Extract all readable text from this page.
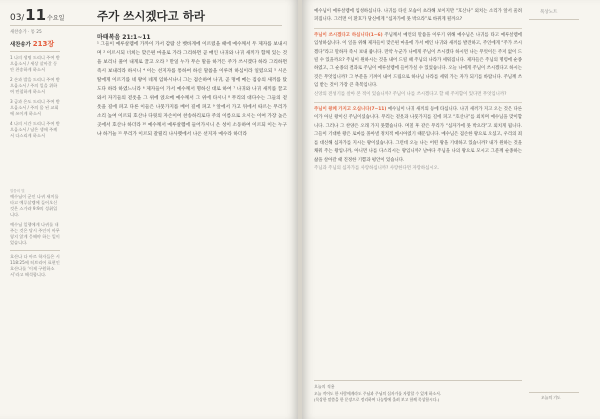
03/11수요일
새찬송가 · 통 25
새찬송가 213장

1 나의 생명 드리니 주여 받으옵소서 / 세상 살아갈 동안 찬송하게 하소서

2 손과 발을 드리니 주여 받으옵소서 / 주의 일을 위하여 민첩하게 하소서

3 금과 은도 드리니 주여 받으옵소서 / 주의 몸 된 교회에 쓰이게 하소서

4 나의 시간 드리니 주여 받으옵소서 / 남은 생애 주께서 다스리게 하소서

말씀의 빛

예수님이 군인 나귀 새끼를 타고 예루살렘에 들어오신 것은 스가랴 9:9의 성취입니다.

예수님 일행에게 나귀를 내주는 것은 당시 주인이 아무렇지 않게 응해야 하는 일이었습니다.

호산나 다 아르 학자들은 시 118:25에 히브리어 표현인 호산나를 ‘이제 구원하소서’라고 해석합니다.

주가 쓰시겠다고 하라
마태복음 21:1~11
¹ 그들이 예루살렘에 가까이 가서 감람 산 벳바게에 이르렀을 때에 예수께서 두 제자를 보내시며 ² 이르시되 너희는 맞은편 마을로 가라 그리하면 곧 매인 나귀와 나귀 새끼가 함께 있는 것을 보리니 풀어 내게로 끌고 오라 ³ 만일 누가 무슨 말을 하거든 주가 쓰시겠다 하라 그리하면 즉시 보내리라 하시니 ⁴ 이는 선지자를 통하여 하신 말씀을 이루려 하심이라 일렀으되 ⁵ 시온 딸에게 이르기를 네 왕이 네게 임하시나니 그는 겸손하여 나귀, 곧 멍에 메는 짐승의 새끼를 탔도다 하라 하였느니라 ⁶ 제자들이 가서 예수께서 명하신 대로 하여 ⁷ 나귀와 나귀 새끼를 끌고 와서 자기들의 겉옷을 그 위에 얹으매 예수께서 그 위에 타시니 ⁸ 무리의 대다수는 그들의 겉옷을 길에 펴고 다른 이들은 나뭇가지를 베어 길에 펴고 ⁹ 앞에서 가고 뒤에서 따르는 무리가 소리 높여 이르되 호산나 다윗의 자손이여 찬송하리로다 주의 이름으로 오시는 이여 가장 높은 곳에서 호산나 하더라 ¹⁰ 예수께서 예루살렘에 들어가시니 온 성이 소동하여 이르되 이는 누구냐 하거늘 ¹¹ 무리가 이르되 갈릴리 나사렛에서 나온 선지자 예수라 하더라
묵상노트
예수님이 예루살렘에 입성하십니다. 나귀를 타신 모습이 초라해 보이지만 “호산나” 외치는 소리가 앞서 울려 퍼집니다. 그러면 이 환호가 당신에게 “십자가에 못 박으라”로 바뀌게 될까요?
주님이 쓰시겠다고 하십니다(1~6) 주님께서 예언의 말씀을 이루기 위해 예수님은 나귀를 타고 예루살렘에 입성하십니다. 이 일을 위해 제자들이 맞은편 마을에 가서 매인 나귀와 새끼를 발견하고, 주인에게 “주가 쓰시겠다”라고 말하자 즉시 보내 줍니다. 만약 누군가 나에게 주님이 쓰시겠다 하시면 나는 무엇이든 주저 없이 드릴 수 있을까요? 주님이 원하시는 것을 내어 드릴 때 주님의 나라가 세워집니다. 제자들은 주님의 명령에 순종하였고, 그 순종의 결과로 주님이 예루살렘에 들어가실 수 있었습니다. 오늘 나에게 주님이 쓰시겠다고 하시는 것은 무엇입니까? 그 부분을 기꺼이 내어 드림으로 하나님 나라를 세워 가는 자가 되기를 바랍니다. 주님께 쓰임 받는 것이 가장 큰 축복입니다.
신앙의 전성기를 살아 본 적이 있습니까? 주님이 나를 쓰시겠다고 할 때 주저함이 있다면 무엇입니까?
주님이 왕께 가지고 오십니다(7~11) 예수님이 나귀 새끼의 등에 타십니다. 나귀 새끼가 지고 오는 것은 다른 이가 아닌 왕이신 주님이셨습니다. 무리는 겉옷과 나뭇가지를 길에 펴고 “호산나”를 외치며 예수님을 맞이합니다. 그러나 그 찬양은 오래 가지 못했습니다. 며칠 후 같은 무리가 “십자가에 못 박으라”고 외치게 됩니다. 그들이 기대한 왕은 로마를 몰아낼 정치적 메시아였기 때문입니다. 예수님은 겸손한 왕으로 오셨고, 우리의 죄를 대신해 십자가를 지시는 왕이셨습니다. 그런데 오늘 나는 어떤 왕을 기대하고 있습니까? 내가 원하는 것을 채워 주는 왕입니까, 아니면 나를 다스리시는 왕입니까? 날마다 주님을 나의 왕으로 모시고 그분께 순종하는 삶을 살아갈 때 진정한 기쁨과 평안이 있습니다.
주님과 주님의 십자가를 사랑하십니까? 사랑한다면 자랑하십시오.
오늘의 적용
오늘 적어도 한 사람에게라도 주님과 주님의 십자가를 자랑할 수 있게 하소서.
(묵상한 말씀을 한 문장으로 정리하여 나눔방에 올려 보고 함께 묵상합시다.)	오늘의 기도
